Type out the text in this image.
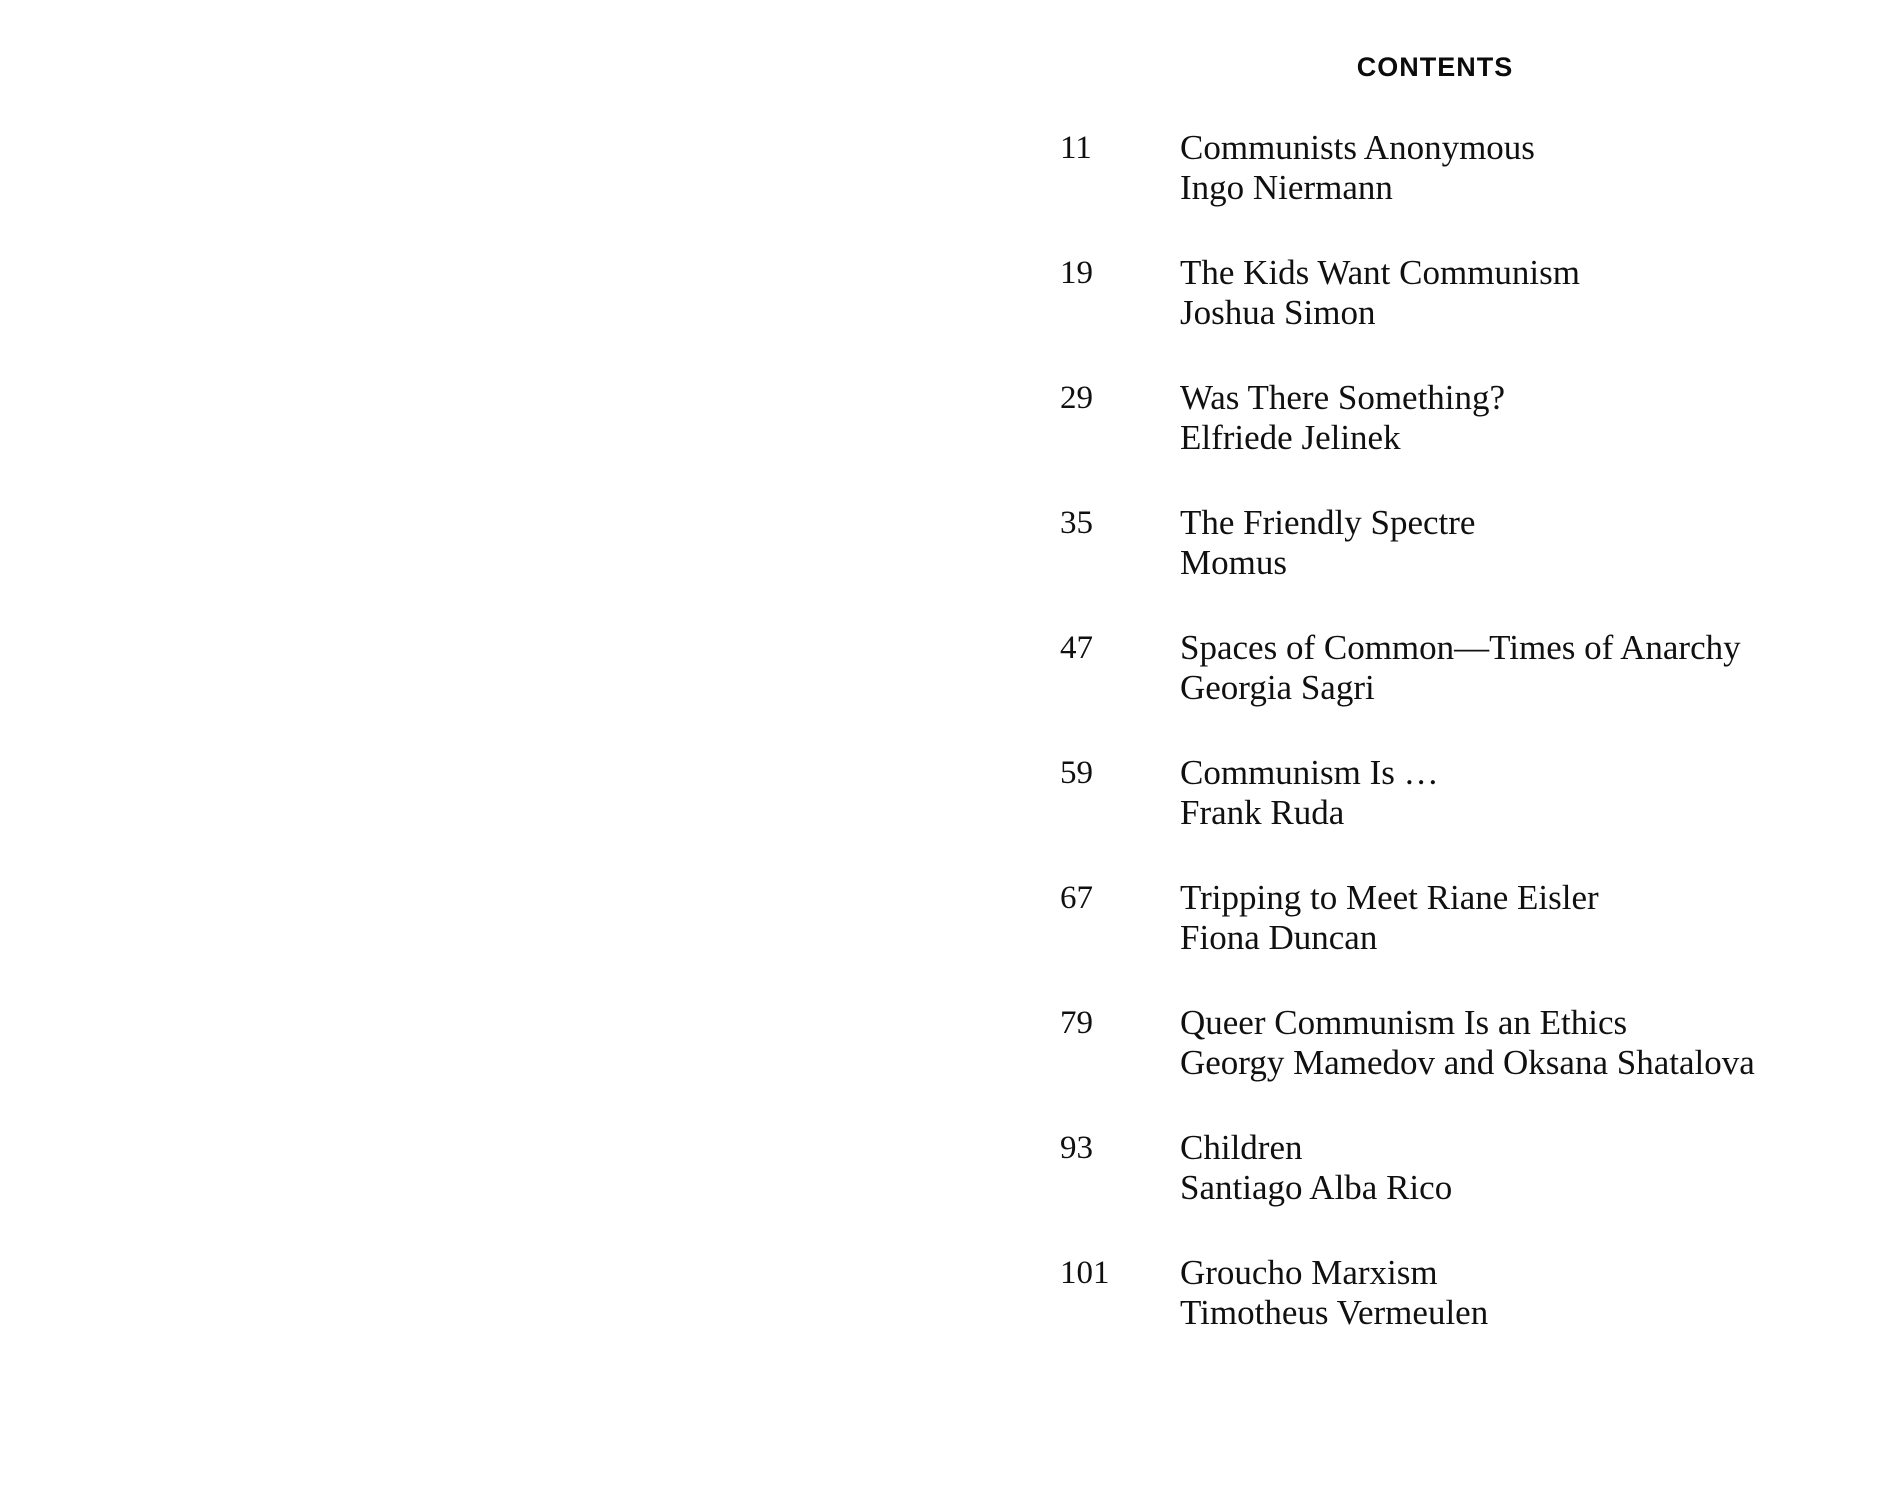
CONTENTS
11	Communists Anonymous
Ingo Niermann
19	The Kids Want Communism
Joshua Simon
29	Was There Something?
Elfriede Jelinek
35	The Friendly Spectre
Momus
47	Spaces of Common—Times of Anarchy
Georgia Sagri
59	Communism Is …
Frank Ruda
67	Tripping to Meet Riane Eisler
Fiona Duncan
79	Queer Communism Is an Ethics
Georgy Mamedov and Oksana Shatalova
93	Children
Santiago Alba Rico
101	Groucho Marxism
Timotheus Vermeulen
